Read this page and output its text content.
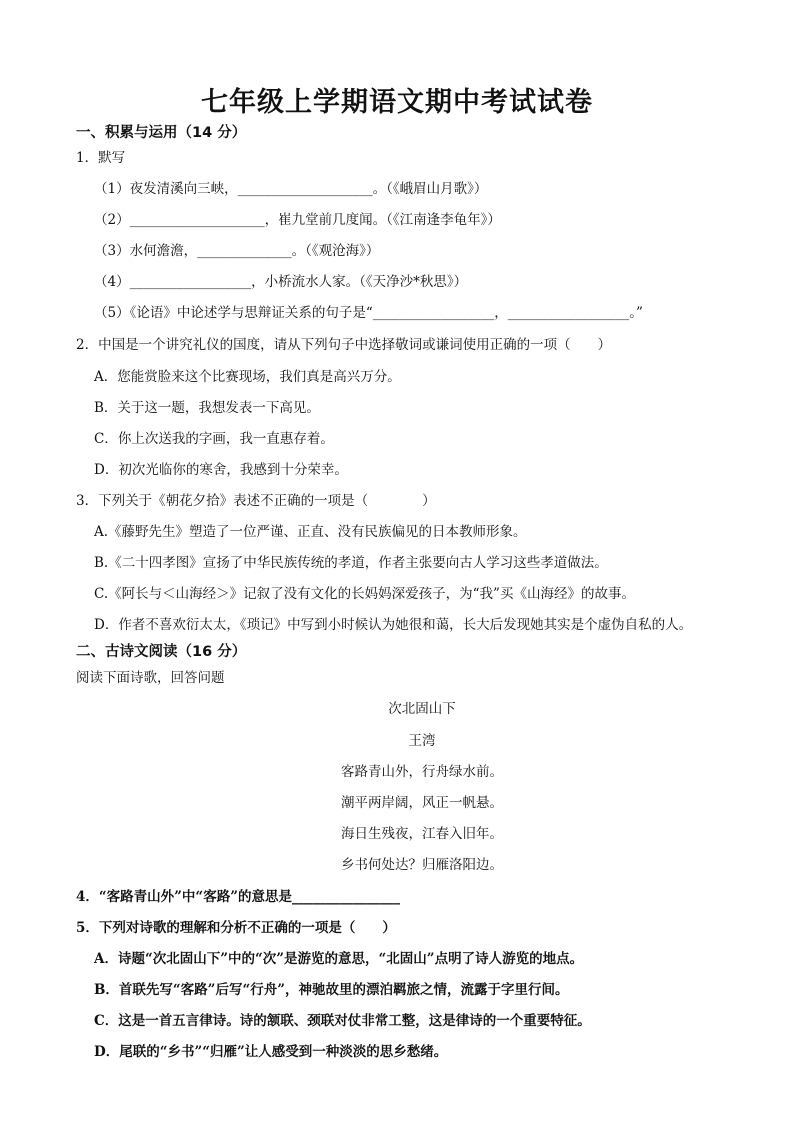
七年级上学期语文期中考试试卷
一、积累与运用（14 分）
1．默写
（1）夜发清溪向三峡，____________________。（《峨眉山月歌》）
（2）____________________，崔九堂前几度闻。（《江南逢李龟年》）
（3）水何澹澹，______________。（《观沧海》）
（4）__________________，小桥流水人家。（《天净沙*秋思》）
（5）《论语》中论述学与思辩证关系的句子是“__________________，__________________。”
2．中国是一个讲究礼仪的国度，请从下列句子中选择敬词或谦词使用正确的一项（　　）
A．您能赏脸来这个比赛现场，我们真是高兴万分。
B．关于这一题，我想发表一下高见。
C．你上次送我的字画，我一直惠存着。
D．初次光临你的寒舍，我感到十分荣幸。
3．下列关于《朝花夕拾》表述不正确的一项是（　　　　）
A.《藤野先生》塑造了一位严谨、正直、没有民族偏见的日本教师形象。
B.《二十四孝图》宣扬了中华民族传统的孝道，作者主张要向古人学习这些孝道做法。
C.《阿长与＜山海经＞》记叙了没有文化的长妈妈深爱孩子，为“我”买《山海经》的故事。
D．作者不喜欢衍太太，《琐记》中写到小时候认为她很和蔼，长大后发现她其实是个虚伪自私的人。
二、古诗文阅读（16 分）
阅读下面诗歌，回答问题
次北固山下
王湾
客路青山外，行舟绿水前。
潮平两岸阔，风正一帆悬。
海日生残夜，江春入旧年。
乡书何处达？归雁洛阳边。
4．“客路青山外”中“客路”的意思是________________
5．下列对诗歌的理解和分析不正确的一项是（　　）
A．诗题“次北固山下”中的“次”是游览的意思，“北固山”点明了诗人游览的地点。
B．首联先写“客路”后写“行舟”，神驰故里的漂泊羁旅之情，流露于字里行间。
C．这是一首五言律诗。诗的颔联、颈联对仗非常工整，这是律诗的一个重要特征。
D．尾联的“乡书”“归雁”让人感受到一种淡淡的思乡愁绪。
